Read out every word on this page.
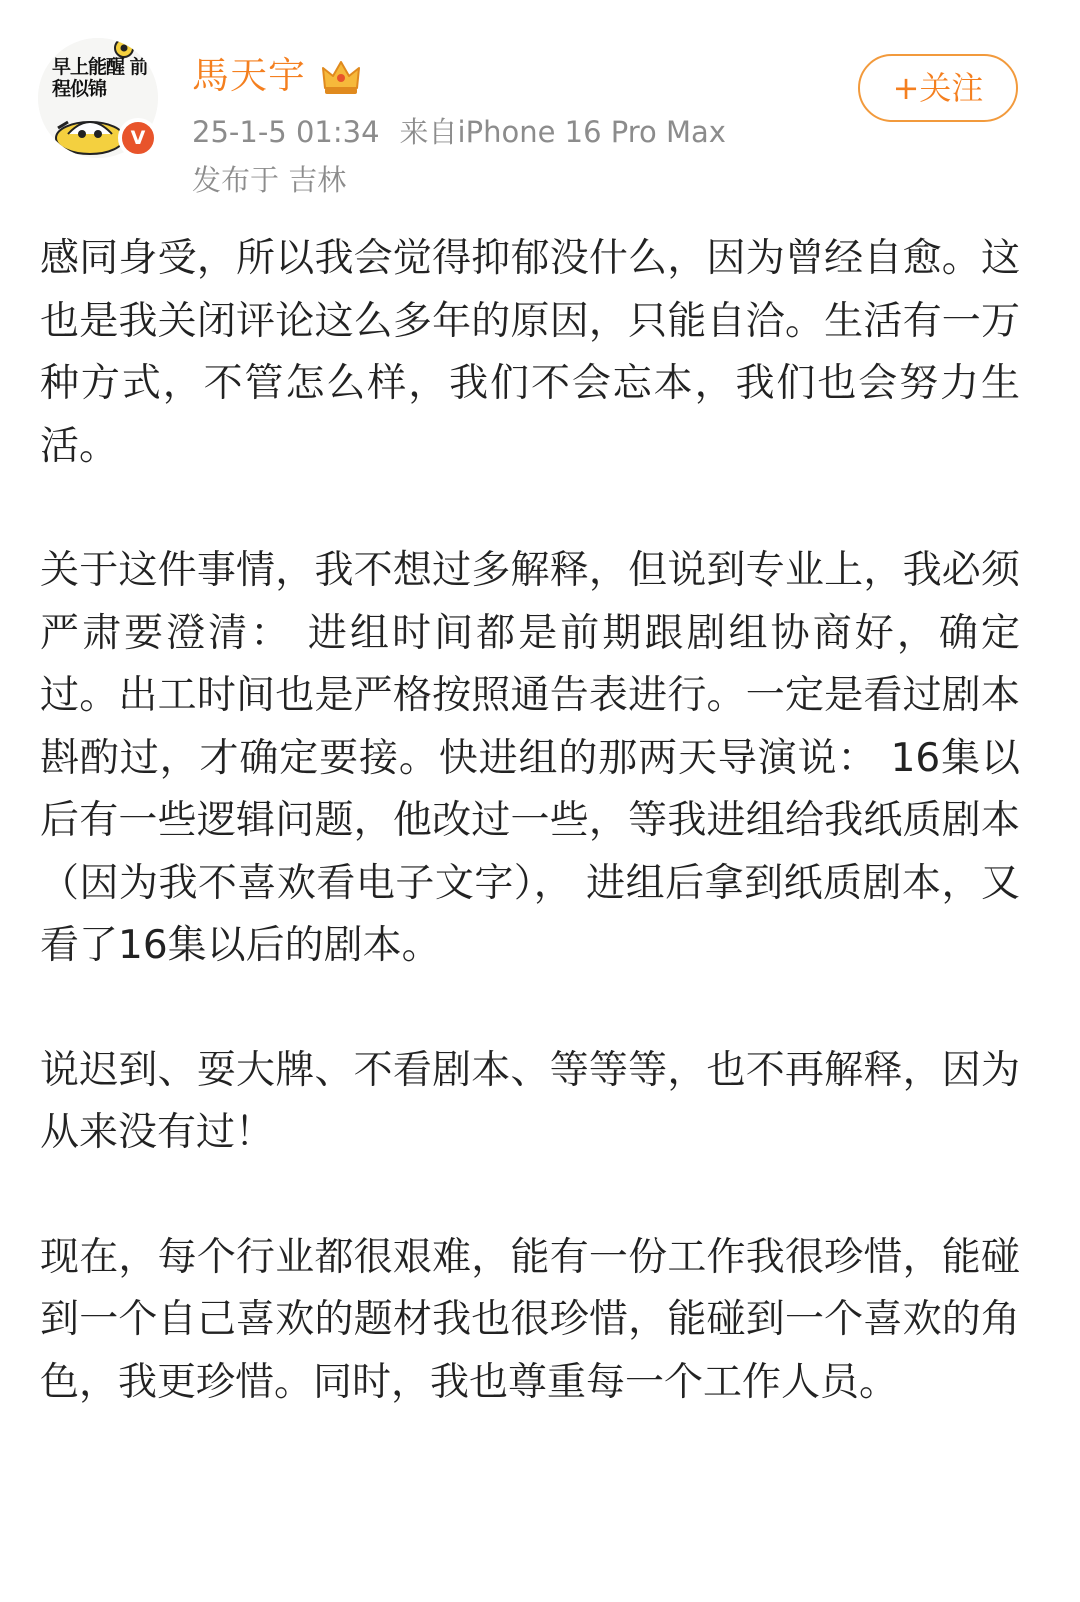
早上能醒 前程似锦
V
馬天宇
25-1-5 01:34 来自iPhone 16 Pro Max
发布于 吉林
+关注

感同身受，所以我会觉得抑郁没什么，因为曾经自愈。这也是我关闭评论这么多年的原因，只能自洽。生活有一万种方式，不管怎么样，我们不会忘本，我们也会努力生活。

关于这件事情，我不想过多解释，但说到专业上，我必须严肃要澄清： 进组时间都是前期跟剧组协商好，确定过。出工时间也是严格按照通告表进行。一定是看过剧本斟酌过，才确定要接。快进组的那两天导演说： 16集以后有一些逻辑问题，他改过一些，等我进组给我纸质剧本（因为我不喜欢看电子文字）， 进组后拿到纸质剧本，又看了16集以后的剧本。

说迟到、耍大牌、不看剧本、等等等，也不再解释，因为从来没有过！

现在，每个行业都很艰难，能有一份工作我很珍惜，能碰到一个自己喜欢的题材我也很珍惜，能碰到一个喜欢的角色，我更珍惜。同时，我也尊重每一个工作人员。
